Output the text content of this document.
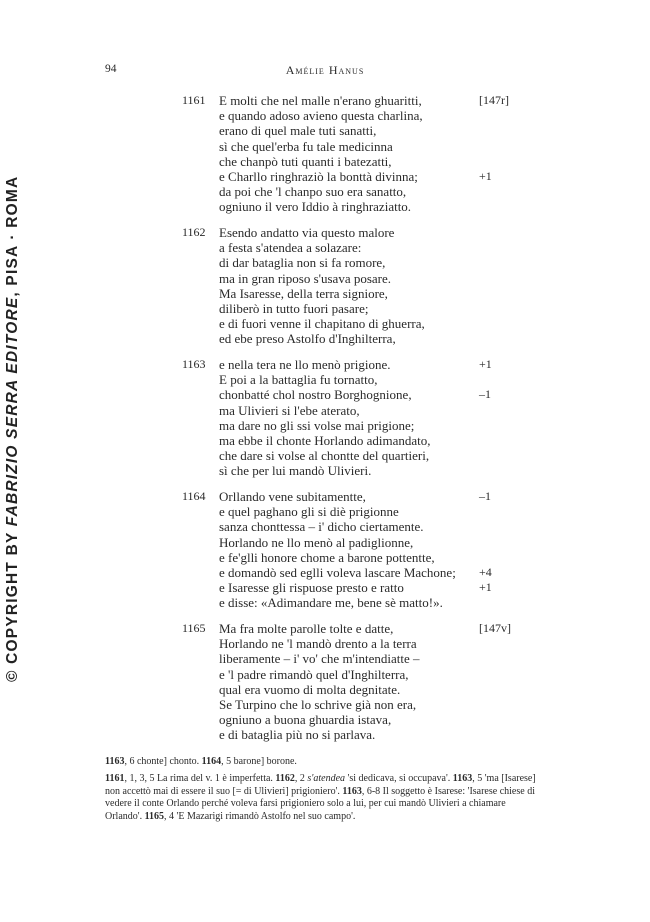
© COPYRIGHT BY FABRIZIO SERRA EDITORE, PISA · ROMA
94	Amélie Hanus
1161 E molti che nel malle n'erano ghuaritti,
e quando adoso avieno questa charlina,
erano di quel male tuti sanatti,
sì che quel'erba fu tale medicinna
che chanpò tuti quanti i batezatti,
e Charllo ringhraziò la bonttà divinna;
da poi che 'l chanpo suo era sanatto,
ogniuno il vero Iddio à ringhraziatto.
[147r]
+1
1162 Esendo andatto via questo malore
a festa s'atendea a solazare:
di dar bataglia non si fa romore,
ma in gran riposo s'usava posare.
Ma Isaresse, della terra signiore,
diliberò in tutto fuori pasare;
e di fuori venne il chapitano di ghuerra,
ed ebe preso Astolfo d'Inghilterra,
1163 e nella tera ne llo menò prigione.
E poi a la battaglia fu tornatto,
chonbatté chol nostro Borghognione,
ma Ulivieri si l'ebe aterato,
ma dare no gli ssi volse mai prigione;
ma ebbe il chonte Horlando adimandato,
che dare si volse al chontte del quartieri,
sì che per lui mandò Ulivieri.
+1
–1
1164 Orllando vene subitamentte,
e quel paghano gli si diè prigionne
sanza chonttessa – i' dicho ciertamente.
Horlando ne llo menò al padiglionne,
e fe'glli honore chome a barone pottentte,
e domandò sed eglli voleva lascare Machone;
e Isaresse gli rispuose presto e ratto
e disse: «Adimandare me, bene sè matto!».
–1
+4
+1
1165 Ma fra molte parolle tolte e datte,
Horlando ne 'l mandò drento a la terra
liberamente – i' vo' che m'intendiatte –
e 'l padre rimandò quel d'Inghilterra,
qual era vuomo di molta degnitate.
Se Turpino che lo schrive già non era,
ogniuno a buona ghuardia istava,
e di bataglia più no si parlava.
[147v]
1163, 6 chonte] chonto. 1164, 5 barone] borone.
1161, 1, 3, 5 La rima del v. 1 è imperfetta. 1162, 2 s'atendea 'si dedicava, si occupava'. 1163, 5 'ma [Isarese] non accettò mai di essere il suo [= di Ulivieri] prigioniero'. 1163, 6-8 Il soggetto è Isarese: 'Isarese chiese di vedere il conte Orlando perché voleva farsi prigioniero solo a lui, per cui mandò Ulivieri a chiamare Orlando'. 1165, 4 'E Mazarigi rimandò Astolfo nel suo campo'.
